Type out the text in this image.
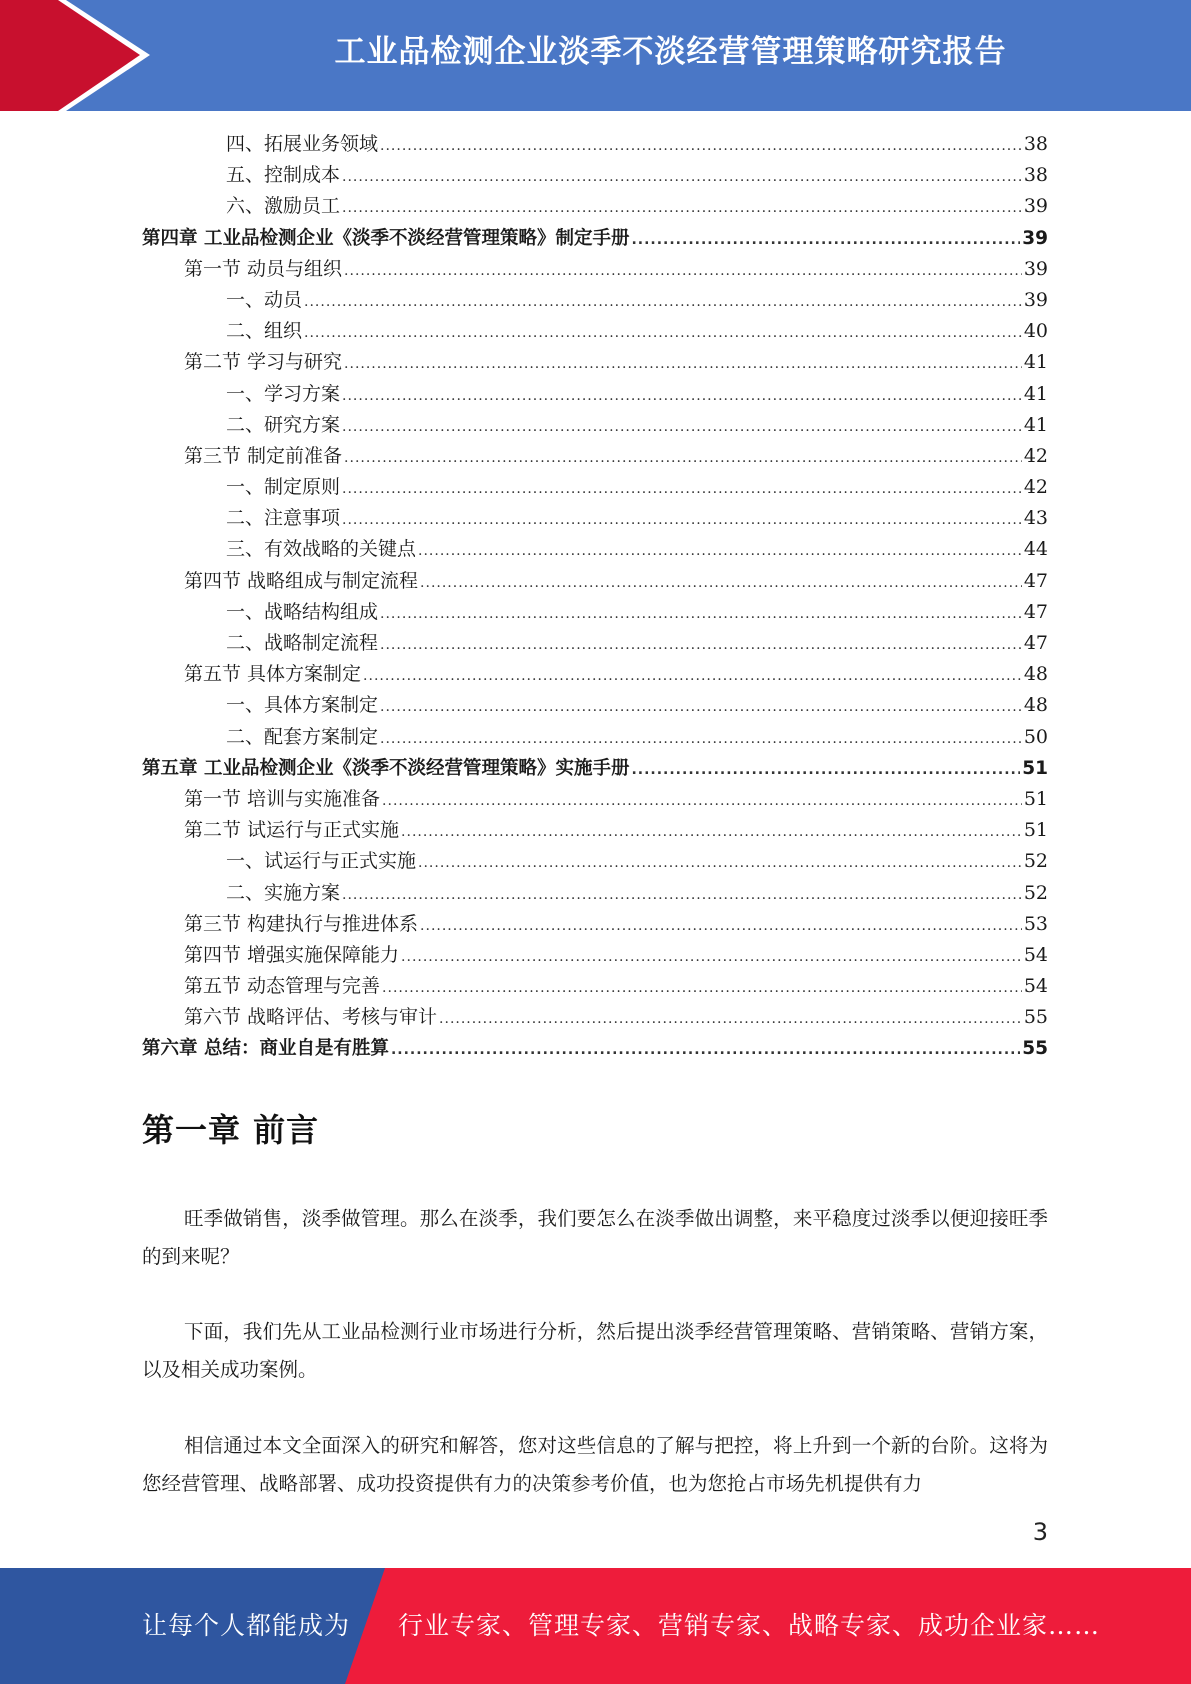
工业品检测企业淡季不淡经营管理策略研究报告
四、拓展业务领域 .....	38
五、控制成本 .....	38
六、激励员工 .....	39
第四章 工业品检测企业《淡季不淡经营管理策略》制定手册 .....	39
第一节 动员与组织 .....	39
一、动员 .....	39
二、组织 .....	40
第二节 学习与研究 .....	41
一、学习方案 .....	41
二、研究方案 .....	41
第三节 制定前准备 .....	42
一、制定原则 .....	42
二、注意事项 .....	43
三、有效战略的关键点 .....	44
第四节 战略组成与制定流程 .....	47
一、战略结构组成 .....	47
二、战略制定流程 .....	47
第五节 具体方案制定 .....	48
一、具体方案制定 .....	48
二、配套方案制定 .....	50
第五章 工业品检测企业《淡季不淡经营管理策略》实施手册 .....	51
第一节 培训与实施准备 .....	51
第二节 试运行与正式实施 .....	51
一、试运行与正式实施 .....	52
二、实施方案 .....	52
第三节 构建执行与推进体系 .....	53
第四节 增强实施保障能力 .....	54
第五节 动态管理与完善 .....	54
第六节 战略评估、考核与审计 .....	55
第六章 总结：商业自是有胜算 .....	55
第一章 前言

旺季做销售，淡季做管理。那么在淡季，我们要怎么在淡季做出调整，来平稳度过淡季以便迎接旺季的到来呢？

下面，我们先从工业品检测行业市场进行分析，然后提出淡季经营管理策略、营销策略、营销方案，以及相关成功案例。

相信通过本文全面深入的研究和解答，您对这些信息的了解与把控，将上升到一个新的台阶。这将为您经营管理、战略部署、成功投资提供有力的决策参考价值，也为您抢占市场先机提供有力

3
让每个人都能成为 行业专家、管理专家、营销专家、战略专家、成功企业家……
